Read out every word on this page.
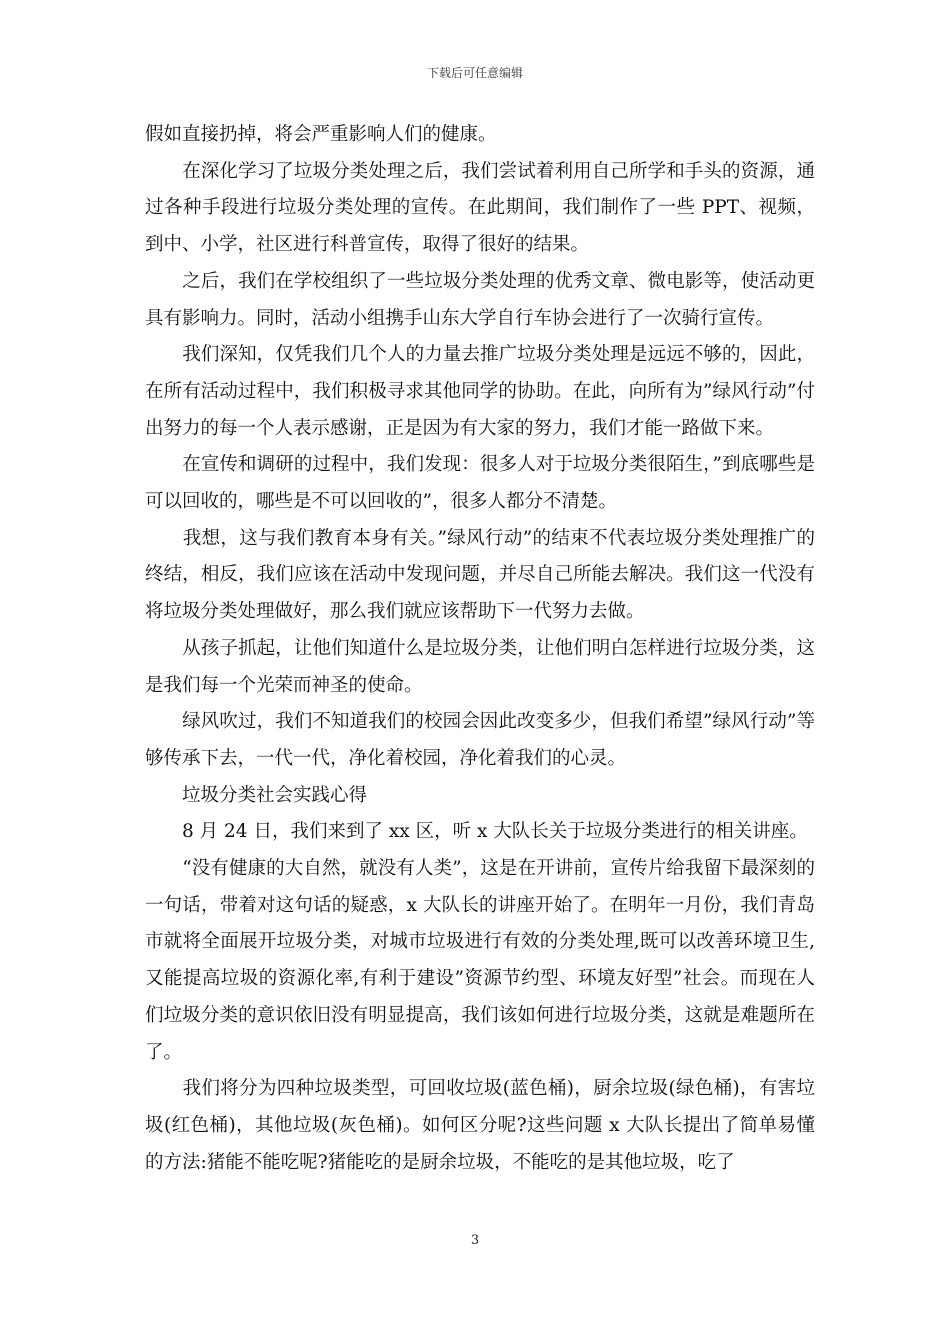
下载后可任意编辑

假如直接扔掉，将会严重影响人们的健康。

　　在深化学习了垃圾分类处理之后，我们尝试着利用自己所学和手头的资源，通过各种手段进行垃圾分类处理的宣传。在此期间，我们制作了一些 PPT、视频，到中、小学，社区进行科普宣传，取得了很好的结果。

　　之后，我们在学校组织了一些垃圾分类处理的优秀文章、微电影等，使活动更具有影响力。同时，活动小组携手山东大学自行车协会进行了一次骑行宣传。

　　我们深知，仅凭我们几个人的力量去推广垃圾分类处理是远远不够的，因此，在所有活动过程中，我们积极寻求其他同学的协助。在此，向所有为”绿风行动”付出努力的每一个人表示感谢，正是因为有大家的努力，我们才能一路做下来。

　　在宣传和调研的过程中，我们发现：很多人对于垃圾分类很陌生，”到底哪些是可以回收的，哪些是不可以回收的”，很多人都分不清楚。

　　我想，这与我们教育本身有关。”绿风行动”的结束不代表垃圾分类处理推广的终结，相反，我们应该在活动中发现问题，并尽自己所能去解决。我们这一代没有将垃圾分类处理做好，那么我们就应该帮助下一代努力去做。

　　从孩子抓起，让他们知道什么是垃圾分类，让他们明白怎样进行垃圾分类，这是我们每一个光荣而神圣的使命。

　　绿风吹过，我们不知道我们的校园会因此改变多少，但我们希望”绿风行动”等够传承下去，一代一代，净化着校园，净化着我们的心灵。

　　垃圾分类社会实践心得

　　8 月 24 日，我们来到了 xx 区，听 x 大队长关于垃圾分类进行的相关讲座。

　　“没有健康的大自然，就没有人类”，这是在开讲前，宣传片给我留下最深刻的一句话，带着对这句话的疑惑，x 大队长的讲座开始了。在明年一月份，我们青岛市就将全面展开垃圾分类，对城市垃圾进行有效的分类处理,既可以改善环境卫生,又能提高垃圾的资源化率,有利于建设”资源节约型、环境友好型”社会。而现在人们垃圾分类的意识依旧没有明显提高，我们该如何进行垃圾分类，这就是难题所在了。

　　我们将分为四种垃圾类型，可回收垃圾(蓝色桶)，厨余垃圾(绿色桶)，有害垃圾(红色桶)，其他垃圾(灰色桶)。如何区分呢?这些问题 x 大队长提出了简单易懂的方法:猪能不能吃呢?猪能吃的是厨余垃圾，不能吃的是其他垃圾，吃了

3
